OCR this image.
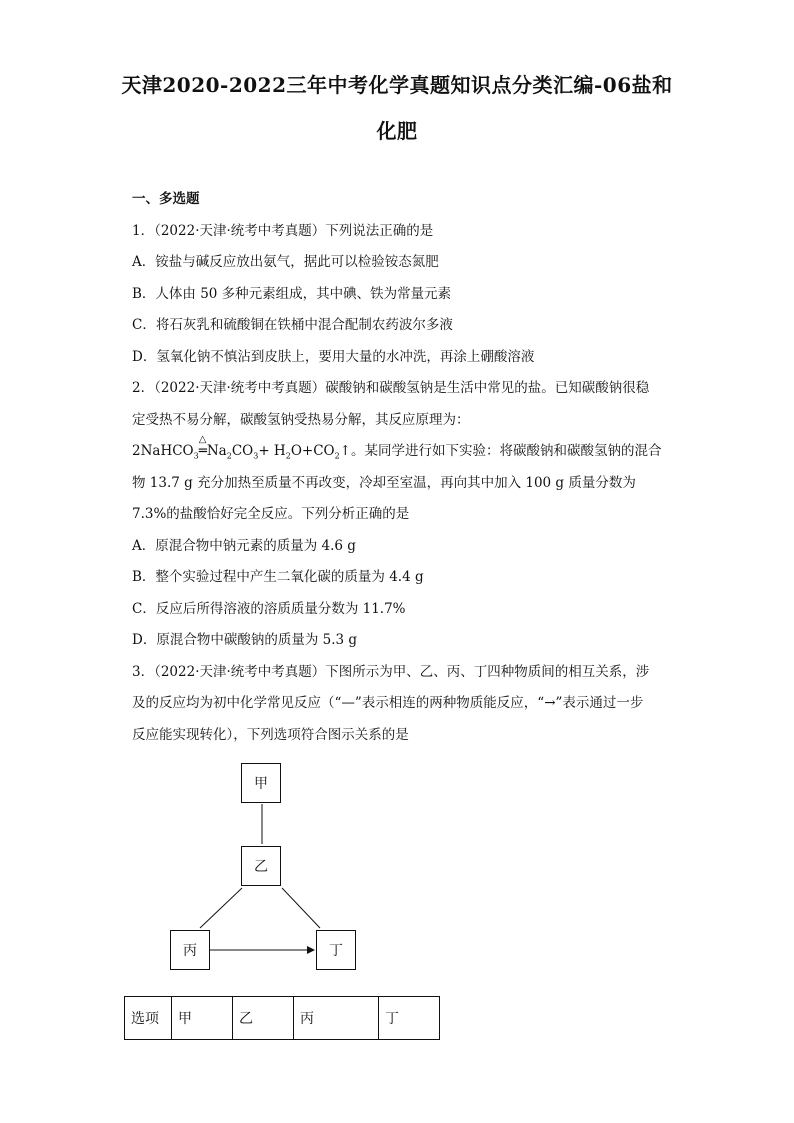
天津2020-2022三年中考化学真题知识点分类汇编-06盐和
化肥
一、多选题
1．（2022·天津·统考中考真题）下列说法正确的是
A．铵盐与碱反应放出氨气，据此可以检验铵态氮肥
B．人体由 50 多种元素组成，其中碘、铁为常量元素
C．将石灰乳和硫酸铜在铁桶中混合配制农药波尔多液
D．氢氧化钠不慎沾到皮肤上，要用大量的水冲洗，再涂上硼酸溶液
2．（2022·天津·统考中考真题）碳酸钠和碳酸氢钠是生活中常见的盐。已知碳酸钠很稳
定受热不易分解，碳酸氢钠受热易分解，其反应原理为：
2NaHCO$_3$
△
$═Na_2CO_3+$ $H_2O+CO_2↑$。某同学进行如下实验：将碳酸钠和碳酸氢钠的混合
物 13.7 g 充分加热至质量不再改变，冷却至室温，再向其中加入 100 g 质量分数为
7.3%的盐酸恰好完全反应。下列分析正确的是
A．原混合物中钠元素的质量为 4.6 g
B．整个实验过程中产生二氧化碳的质量为 4.4 g
C．反应后所得溶液的溶质质量分数为 11.7%
D．原混合物中碳酸钠的质量为 5.3 g
3．（2022·天津·统考中考真题）下图所示为甲、乙、丙、丁四种物质间的相互关系，涉
及的反应均为初中化学常见反应（“—”表示相连的两种物质能反应，“→”表示通过一步
反应能实现转化），下列选项符合图示关系的是
甲
乙
丙	丁
选项	甲	乙	丙	丁
